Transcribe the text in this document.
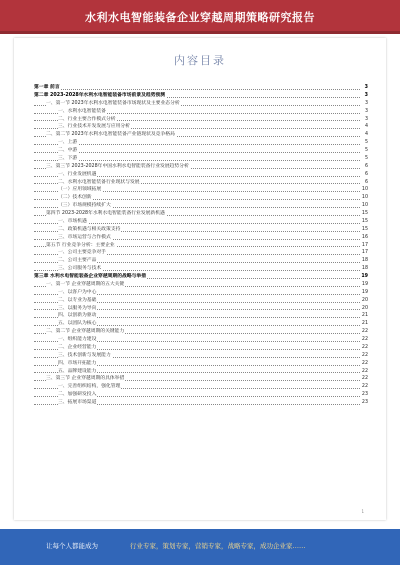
水利水电智能装备企业穿越周期策略研究报告
内容目录
第一章 前言	3
第二章 2023-2028年水利水电智能装备市场前景及趋势预测	3
一、第一节 2023年水利水电智能装备市场现状及主要业态分析	3
一、水利水电智能装备	3
二、行业主要合作模式分析	3
三、行业技术开发发展与应用分析	4
二、第二节 2023年水利水电智能装备产业链现状及竞争格局	4
一、上游	5
二、中游	5
三、下游	5
三、第三节 2023-2028年中国水利水电智能装备行业发展趋势分析	6
一、行业发展机遇	6
二、水利水电智能装备行业现状与发展	6
（一）应用领域拓展	10
（二）技术创新	10
（三）市场规模持续扩大	10
第四节 2023-2028年水利水电智能装备行业发展新机遇	15
一、市场机遇	15
二、政策机遇与相关政策支持	15
三、市场运营与合作模式	16
第五节 行业竞争分析：主要企业	17
一、公司主要竞争对手	17
二、公司主要产品	18
三、公司服务与技术	18
第三章 水利水电智能装备企业穿越周期的战略与举措	19
一、第一节 企业穿越周期的五大关键	19
一、以客户为中心	19
二、以专业为基础	20
三、以服务为导向	20
四、以创新为驱动	21
五、以团队为核心	21
二、第二节 企业穿越周期的关键能力	22
一、组织能力建设	22
二、企业经营能力	22
三、技术创新与发展能力	22
四、市场开拓能力	22
五、品牌建设能力	22
三、第三节 企业穿越周期的具体举措	22
一、完善组织结构，强化管理	22
二、加强研发投入	23
三、拓展市场渠道	23
1
让每个人都能成为	行业专家，策划专家，营销专家，战略专家，成功企业家……
